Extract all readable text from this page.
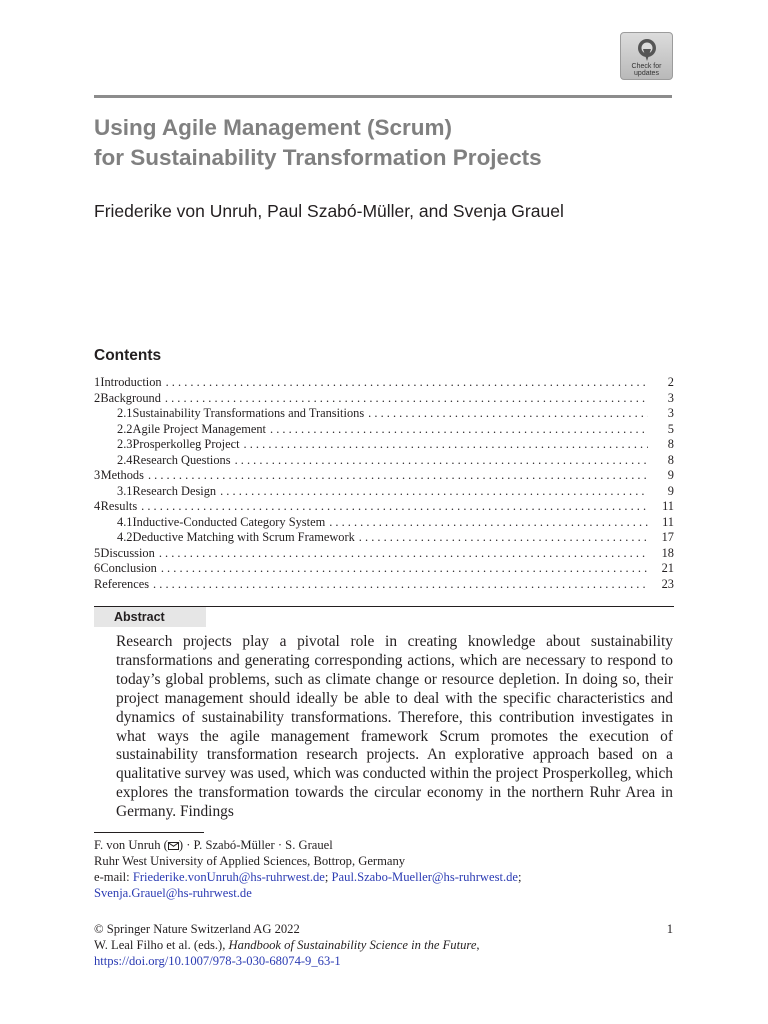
Check for
updates
Using Agile Management (Scrum)
for Sustainability Transformation Projects
Friederike von Unruh, Paul Szabó-Müller, and Svenja Grauel
Contents
1 Introduction . . .	2
2 Background . . .	3
2.1 Sustainability Transformations and Transitions . . .	3
2.2 Agile Project Management . . .	5
2.3 Prosperkolleg Project . . .	8
2.4 Research Questions . . .	8
3 Methods . . .	9
3.1 Research Design . . .	9
4 Results . . .	11
4.1 Inductive-Conducted Category System . . .	11
4.2 Deductive Matching with Scrum Framework . . .	17
5 Discussion . . .	18
6 Conclusion . . .	21
References . . .	23
Abstract
Research projects play a pivotal role in creating knowledge about sustainability transformations and generating corresponding actions, which are necessary to respond to today’s global problems, such as climate change or resource depletion. In doing so, their project management should ideally be able to deal with the specific characteristics and dynamics of sustainability transformations. Therefore, this contribution investigates in what ways the agile management framework Scrum promotes the execution of sustainability transformation research projects. An explorative approach based on a qualitative survey was used, which was conducted within the project Prosperkolleg, which explores the transformation towards the circular economy in the northern Ruhr Area in Germany. Findings
F. von Unruh ( ) · P. Szabó-Müller · S. Grauel
Ruhr West University of Applied Sciences, Bottrop, Germany
e-mail: Friederike.vonUnruh@hs-ruhrwest.de; Paul.Szabo-Mueller@hs-ruhrwest.de;
Svenja.Grauel@hs-ruhrwest.de
© Springer Nature Switzerland AG 2022
W. Leal Filho et al. (eds.), Handbook of Sustainability Science in the Future,
https://doi.org/10.1007/978-3-030-68074-9_63-1
1
